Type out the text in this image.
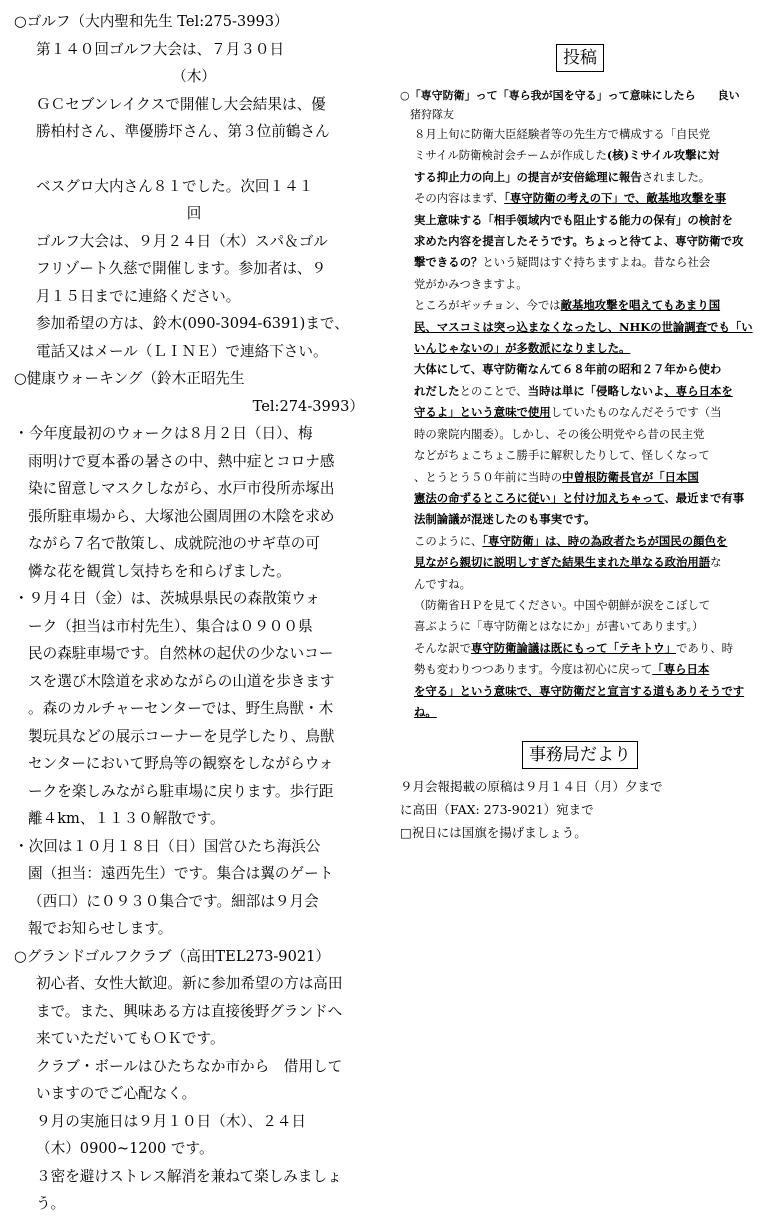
○ゴルフ（大内聖和先生 Tel:275-3993）
第１４０回ゴルフ大会は、７月３０日
（木）
ＧＣセブンレイクスで開催し大会結果は、優
勝柏村さん、準優勝圷さん、第３位前鶴さん
ベスグロ大内さん８１でした。次回１４１
回
ゴルフ大会は、９月２４日（木）スパ＆ゴル
フリゾート久慈で開催します。参加者は、９
月１５日までに連絡ください。
参加希望の方は、鈴木(090-3094-6391)まで、
電話又はメール（ＬＩＮＥ）で連絡下さい。
○健康ウォーキング（鈴木正昭先生
Tel:274-3993）
・今年度最初のウォークは８月２日（日）、梅
雨明けで夏本番の暑さの中、熱中症とコロナ感
染に留意しマスクしながら、水戸市役所赤塚出
張所駐車場から、大塚池公園周囲の木陰を求め
ながら７名で散策し、成就院池のサギ草の可
憐な花を観賞し気持ちを和らげました。
・９月４日（金）は、茨城県県民の森散策ウォ
ーク（担当は市村先生）、集合は０９００県
民の森駐車場です。自然林の起伏の少ないコー
スを選び木陰道を求めながらの山道を歩きます
。森のカルチャーセンターでは、野生鳥獣・木
製玩具などの展示コーナーを見学したり、鳥獣
センターにおいて野鳥等の観察をしながらウォ
ークを楽しみながら駐車場に戻ります。歩行距
離４km、１１３０解散です。
・次回は１０月１８日（日）国営ひたち海浜公
園（担当：遠西先生）です。集合は翼のゲート
（西口）に０９３０集合です。細部は９月会
報でお知らせします。
○グランドゴルフクラブ（高田TEL273-9021）
初心者、女性大歓迎。新に参加希望の方は高田
まで。また、興味ある方は直接後野グランドへ
来ていただいてもＯＫです。
クラブ・ボールはひたちなか市から　借用して
いますのでご心配なく。
９月の実施日は９月１０日（木）、２４日
（木）0900~1200 です。
３密を避けストレス解消を兼ねて楽しみましょ
う。
投稿
○「専守防衛」って「専ら我が国を守る」って意味にしたら　　良い
猪狩隊友
８月上旬に防衛大臣経験者等の先生方で構成する「自民党
ミサイル防衛検討会チームが作成した(核)ミサイル攻撃に対
する抑止力の向上」の提言が安倍総理に報告されました。
その内容はまず、「専守防衛の考えの下」で、敵基地攻撃を事
実上意味する「相手領域内でも阻止する能力の保有」の検討を
求めた内容を提言したそうです。ちょっと待てよ、専守防衛で攻
撃できるの？という疑問はすぐ持ちますよね。昔なら社会
党がかみつきますよ。
ところがギッチョン、今では敵基地攻撃を唱えてもあまり国
民、マスコミは突っ込まなくなったし、NHKの世論調査でも「い
いんじゃないの」が多数派になりました。
大体にして、専守防衛なんて６８年前の昭和２７年から使わ
れだしたとのことで、当時は単に「侵略しないよ、専ら日本を
守るよ」という意味で使用していたものなんだそうです（当
時の衆院内閣委）。しかし、その後公明党やら昔の民主党
などがちょこちょこ勝手に解釈したりして、怪しくなって
、とうとう５０年前に当時の中曽根防衛長官が「日本国
憲法の命ずるところに従い」と付け加えちゃって、最近まで有事
法制論議が混迷したのも事実です。
このように、「専守防衛」は、時の為政者たちが国民の顔色を
見ながら親切に説明しすぎた結果生まれた単なる政治用語な
んですね。
（防衛省ＨＰを見てください。中国や朝鮮が涙をこぼして
喜ぶように「専守防衛とはなにか」が書いてあります。）
そんな訳で専守防衛論議は既にもって「テキトウ」であり、時
勢も変わりつつあります。今度は初心に戻って「専ら日本
を守る」という意味で、専守防衛だと宣言する道もありそうです
ね。
事務局だより
９月会報掲載の原稿は９月１４日（月）夕まで
に高田（FAX: 273-9021）宛まで
□祝日には国旗を揚げましょう。
